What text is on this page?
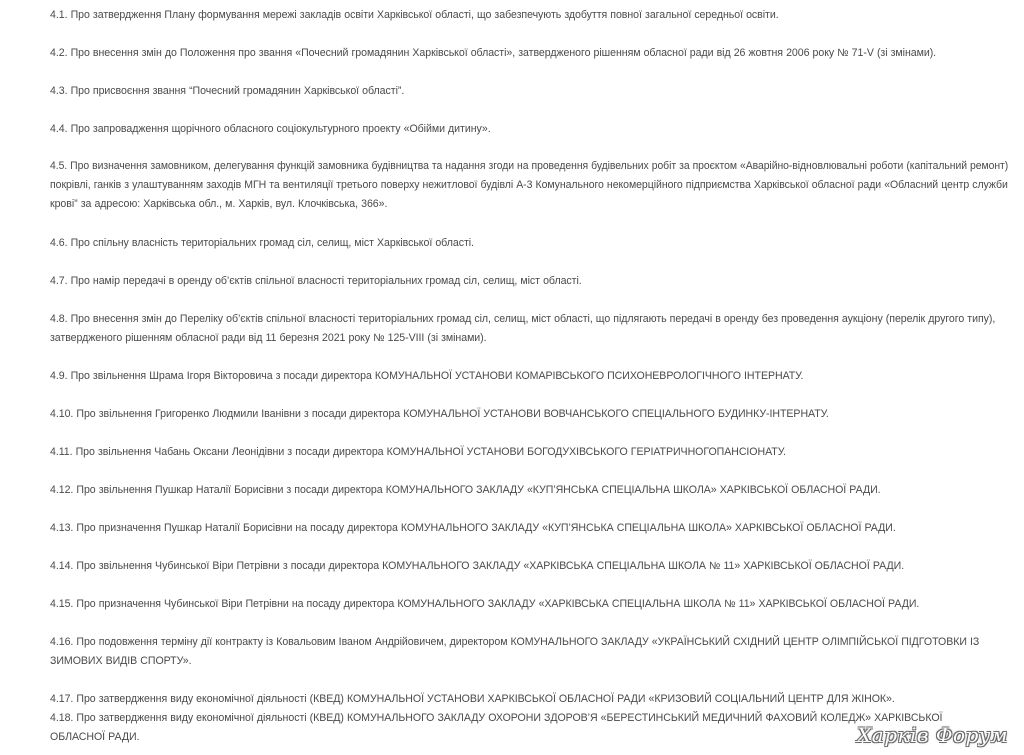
4.1. Про затвердження Плану формування мережі закладів освіти Харківської області, що забезпечують здобуття повної загальної середньої освіти.

4.2. Про внесення змін до Положення про звання «Почесний громадянин Харківської області», затвердженого рішенням обласної ради від 26 жовтня 2006 року № 71-V (зі змінами).

4.3. Про присвоєння звання “Почесний громадянин Харківської області”.

4.4. Про запровадження щорічного обласного соціокультурного проекту «Обійми дитину».

4.5. Про визначення замовником, делегування функцій замовника будівництва та надання згоди на проведення будівельних робіт за проєктом «Аварійно-відновлювальні роботи (капітальний ремонт)
покрівлі, ганків з улаштуванням заходів МГН та вентиляції третього поверху нежитлової будівлі А-3 Комунального некомерційного підприємства Харківської обласної ради «Обласний центр служби
крові” за адресою: Харківська обл., м. Харків, вул. Клочківська, 366».

4.6. Про спільну власність територіальних громад сіл, селищ, міст Харківської області.

4.7. Про намір передачі в оренду об’єктів спільної власності територіальних громад сіл, селищ, міст області.

4.8. Про внесення змін до Переліку об’єктів спільної власності територіальних громад сіл, селищ, міст області, що підлягають передачі в оренду без проведення аукціону (перелік другого типу),
затвердженого рішенням обласної ради від 11 березня 2021 року № 125-VIII (зі змінами).

4.9. Про звільнення Шрама Ігоря Вікторовича з посади директора КОМУНАЛЬНОЇ УСТАНОВИ КОМАРІВСЬКОГО ПСИХОНЕВРОЛОГІЧНОГО ІНТЕРНАТУ.

4.10. Про звільнення Григоренко Людмили Іванівни з посади директора КОМУНАЛЬНОЇ УСТАНОВИ ВОВЧАНСЬКОГО СПЕЦІАЛЬНОГО БУДИНКУ-ІНТЕРНАТУ.

4.11. Про звільнення Чабань Оксани Леонідівни з посади директора КОМУНАЛЬНОЇ УСТАНОВИ БОГОДУХІВСЬКОГО ГЕРІАТРИЧНОГОПАНСІОНАТУ.

4.12. Про звільнення Пушкар Наталії Борисівни з посади директора КОМУНАЛЬНОГО ЗАКЛАДУ «КУП’ЯНСЬКА СПЕЦІАЛЬНА ШКОЛА» ХАРКІВСЬКОЇ ОБЛАСНОЇ РАДИ.

4.13. Про призначення Пушкар Наталії Борисівни на посаду директора КОМУНАЛЬНОГО ЗАКЛАДУ «КУП’ЯНСЬКА СПЕЦІАЛЬНА ШКОЛА» ХАРКІВСЬКОЇ ОБЛАСНОЇ РАДИ.

4.14. Про звільнення Чубинської Віри Петрівни з посади директора КОМУНАЛЬНОГО ЗАКЛАДУ «ХАРКІВСЬКА СПЕЦІАЛЬНА ШКОЛА № 11» ХАРКІВСЬКОЇ ОБЛАСНОЇ РАДИ.

4.15. Про призначення Чубинської Віри Петрівни на посаду директора КОМУНАЛЬНОГО ЗАКЛАДУ «ХАРКІВСЬКА СПЕЦІАЛЬНА ШКОЛА № 11» ХАРКІВСЬКОЇ ОБЛАСНОЇ РАДИ.

4.16. Про подовження терміну дії контракту із Ковальовим Іваном Андрійовичем, директором КОМУНАЛЬНОГО ЗАКЛАДУ «УКРАЇНСЬКИЙ СХІДНИЙ ЦЕНТР ОЛІМПІЙСЬКОЇ ПІДГОТОВКИ ІЗ
ЗИМОВИХ ВИДІВ СПОРТУ».

4.17. Про затвердження виду економічної діяльності (КВЕД) КОМУНАЛЬНОЇ УСТАНОВИ ХАРКІВСЬКОЇ ОБЛАСНОЇ РАДИ «КРИЗОВИЙ СОЦІАЛЬНИЙ ЦЕНТР ДЛЯ ЖІНОК».

4.18. Про затвердження виду економічної діяльності (КВЕД) КОМУНАЛЬНОГО ЗАКЛАДУ ОХОРОНИ ЗДОРОВ’Я «БЕРЕСТИНСЬКИЙ МЕДИЧНИЙ ФАХОВИЙ КОЛЕДЖ» ХАРКІВСЬКОЇ
ОБЛАСНОЇ РАДИ.	Харків Форум
